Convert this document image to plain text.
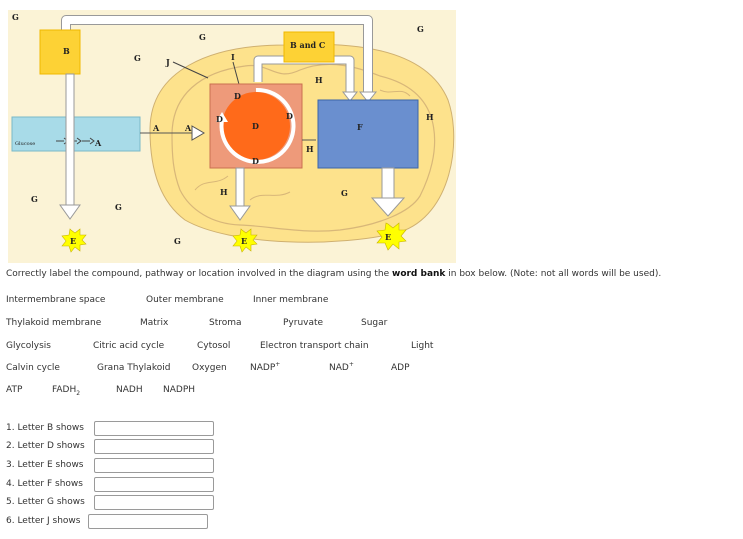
B
B and C
Glucose	A
A	A
J	I
D
D
D
D
D
F
E	E	E
G
G
G
G
G
G
G
G
H
H
H
H
Correctly label the compound, pathway or location involved in the diagram using the word bank in box below. (Note: not all words will be used).
Intermembrane space	Outer membrane	Inner membrane
Thylakoid membrane	Matrix	Stroma	Pyruvate	Sugar
Glycolysis	Citric acid cycle	Cytosol	Electron transport chain	Light
Calvin cycle	Grana Thylakoid Oxygen	NADP+	NAD+	ADP
ATP	$FADH_2$	NADH NADPH
1. Letter B shows
2. Letter D shows
3. Letter E shows
4. Letter F shows
5. Letter G shows
6. Letter J shows
